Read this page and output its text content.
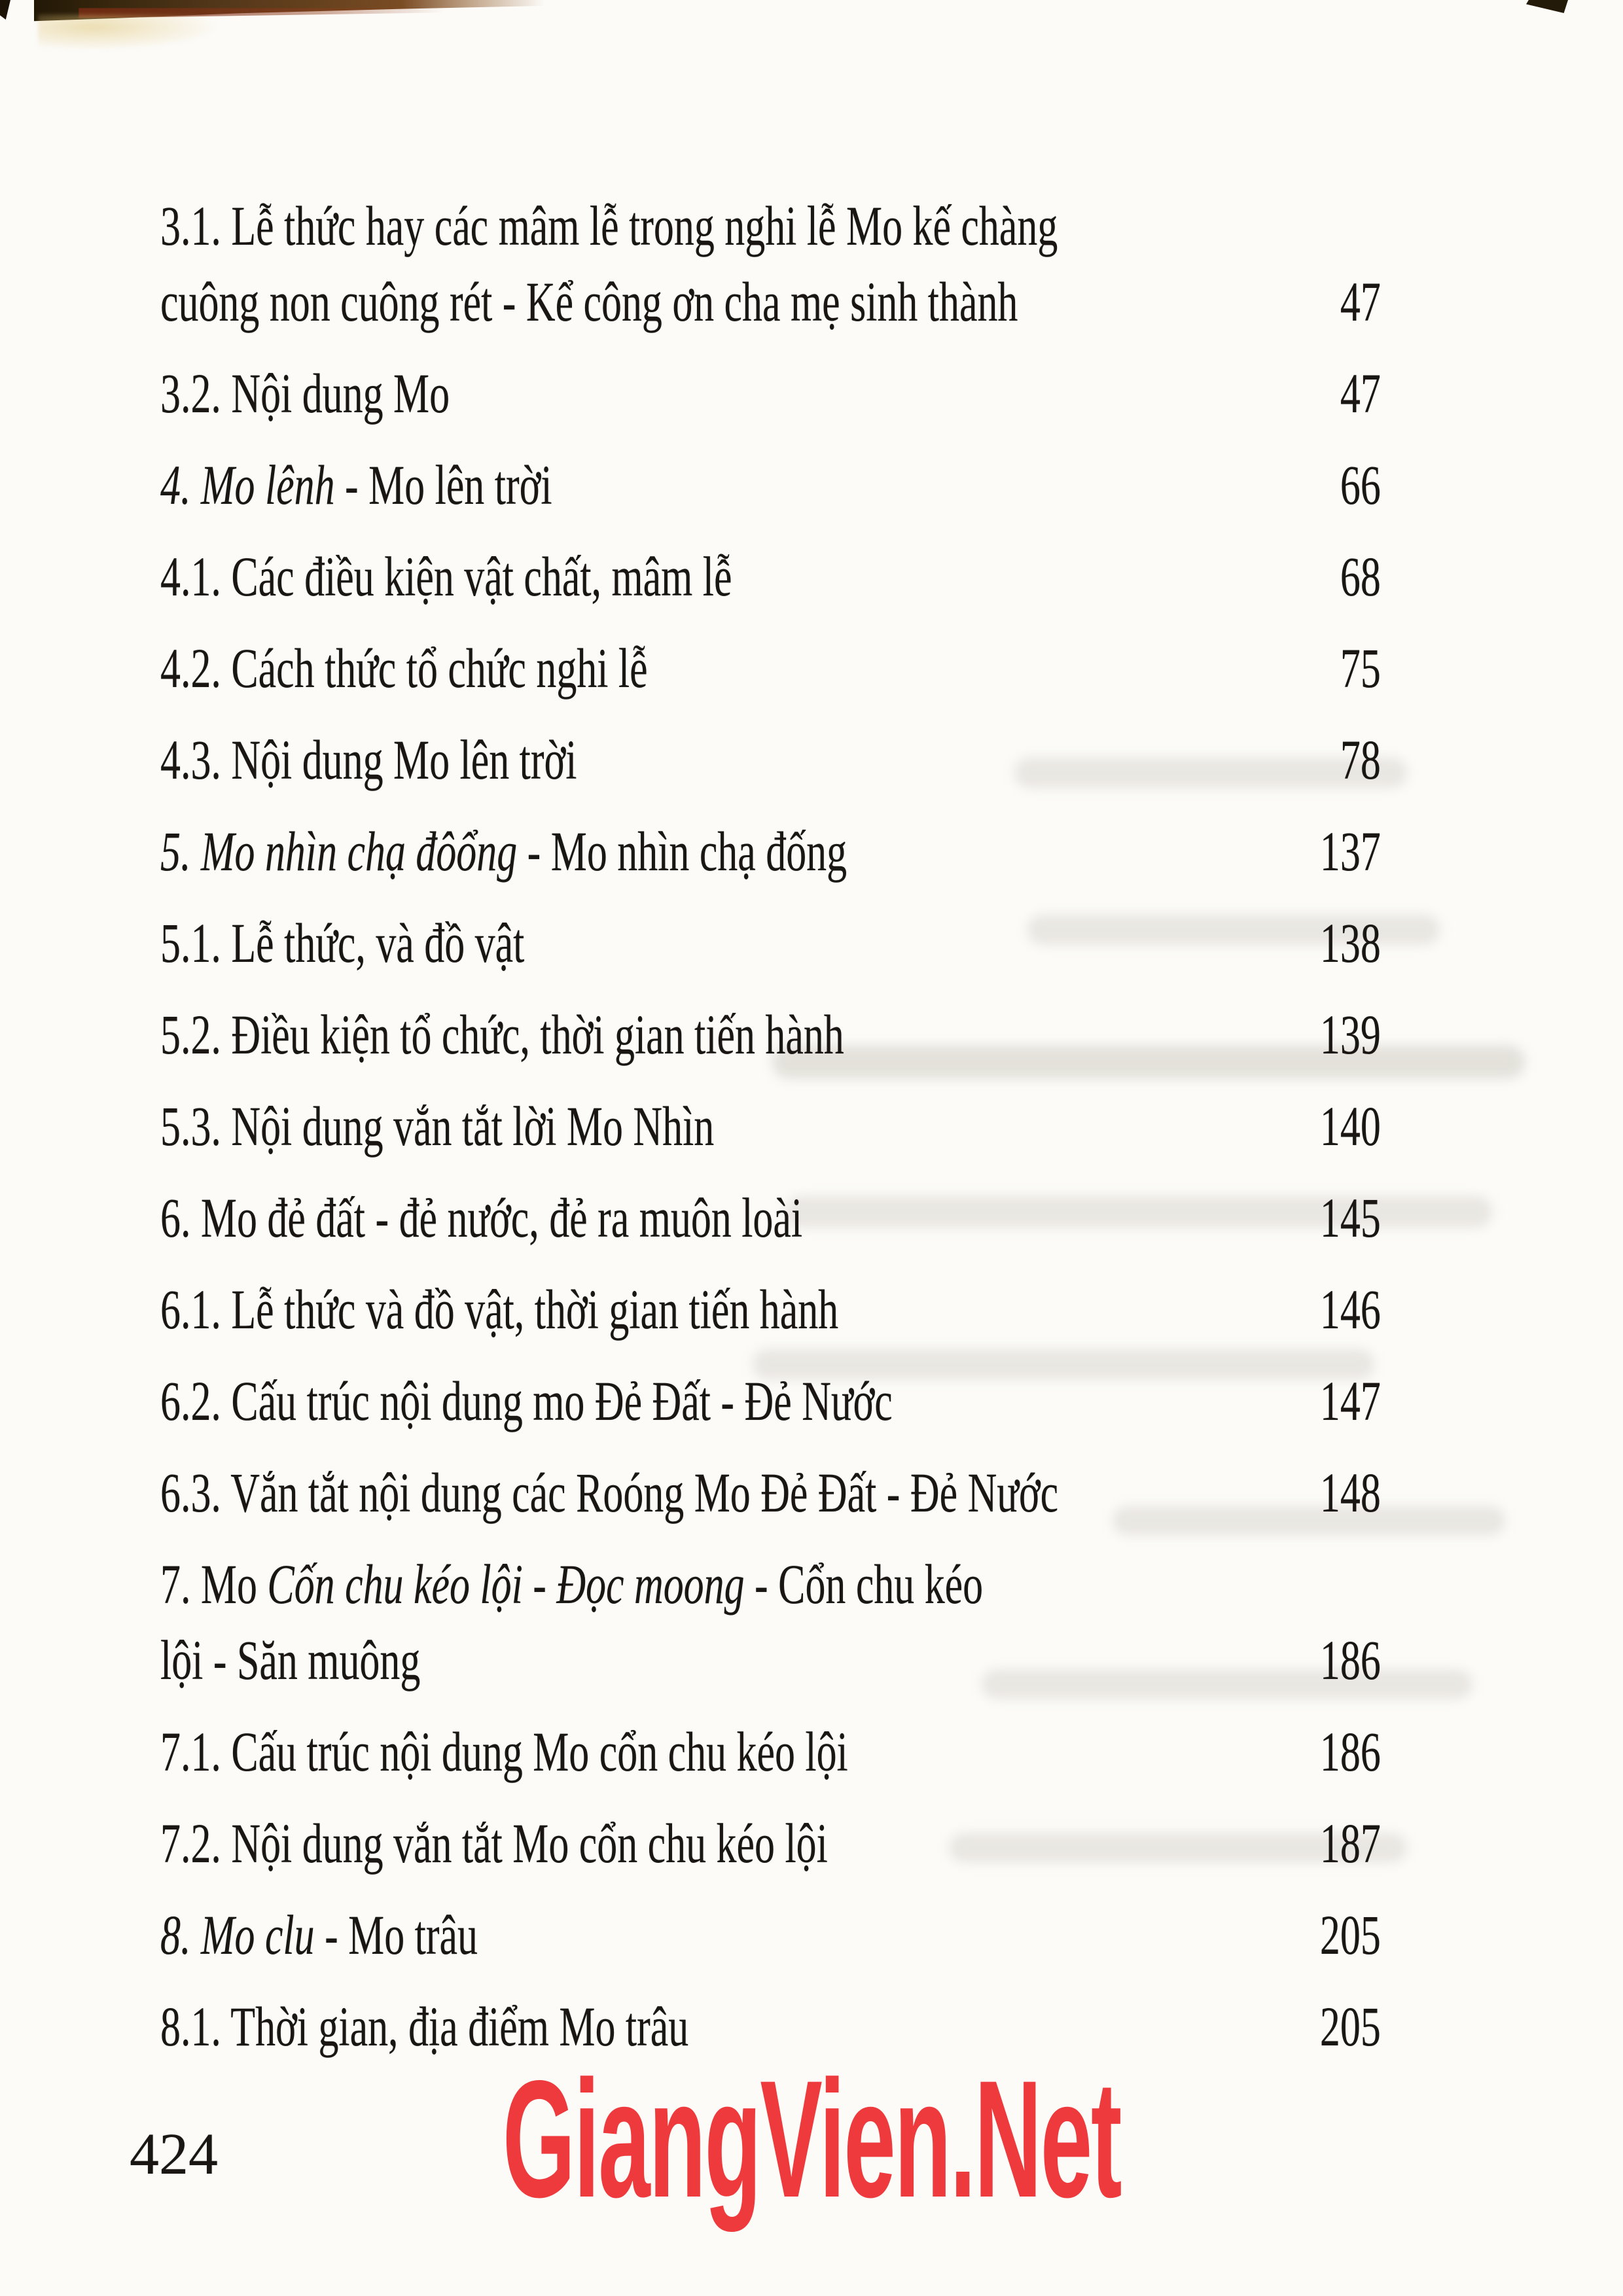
3.1. Lễ thức hay các mâm lễ trong nghi lễ Mo kế chàng
cuông non cuông rét - Kể công ơn cha mẹ sinh thành	47
3.2. Nội dung Mo	47
4. Mo lênh - Mo lên trời	66
4.1. Các điều kiện vật chất, mâm lễ	68
4.2. Cách thức tổ chức nghi lễ	75
4.3. Nội dung Mo lên trời	78
5. Mo nhìn chạ đôổng - Mo nhìn chạ đống	137
5.1. Lễ thức, và đồ vật	138
5.2. Điều kiện tổ chức, thời gian tiến hành	139
5.3. Nội dung vắn tắt lời Mo Nhìn	140
6. Mo đẻ đất - đẻ nước, đẻ ra muôn loài	145
6.1. Lễ thức và đồ vật, thời gian tiến hành	146
6.2. Cấu trúc nội dung mo Đẻ Đất - Đẻ Nước	147
6.3. Vắn tắt nội dung các Roóng Mo Đẻ Đất - Đẻ Nước	148
7. Mo Cốn chu kéo lội - Đọc moong - Cổn chu kéo
lội - Săn muông	186
7.1. Cấu trúc nội dung Mo cổn chu kéo lội	186
7.2. Nội dung vắn tắt Mo cổn chu kéo lội	187
8. Mo clu - Mo trâu	205
8.1. Thời gian, địa điểm Mo trâu	205
424 GiangVien.Net
